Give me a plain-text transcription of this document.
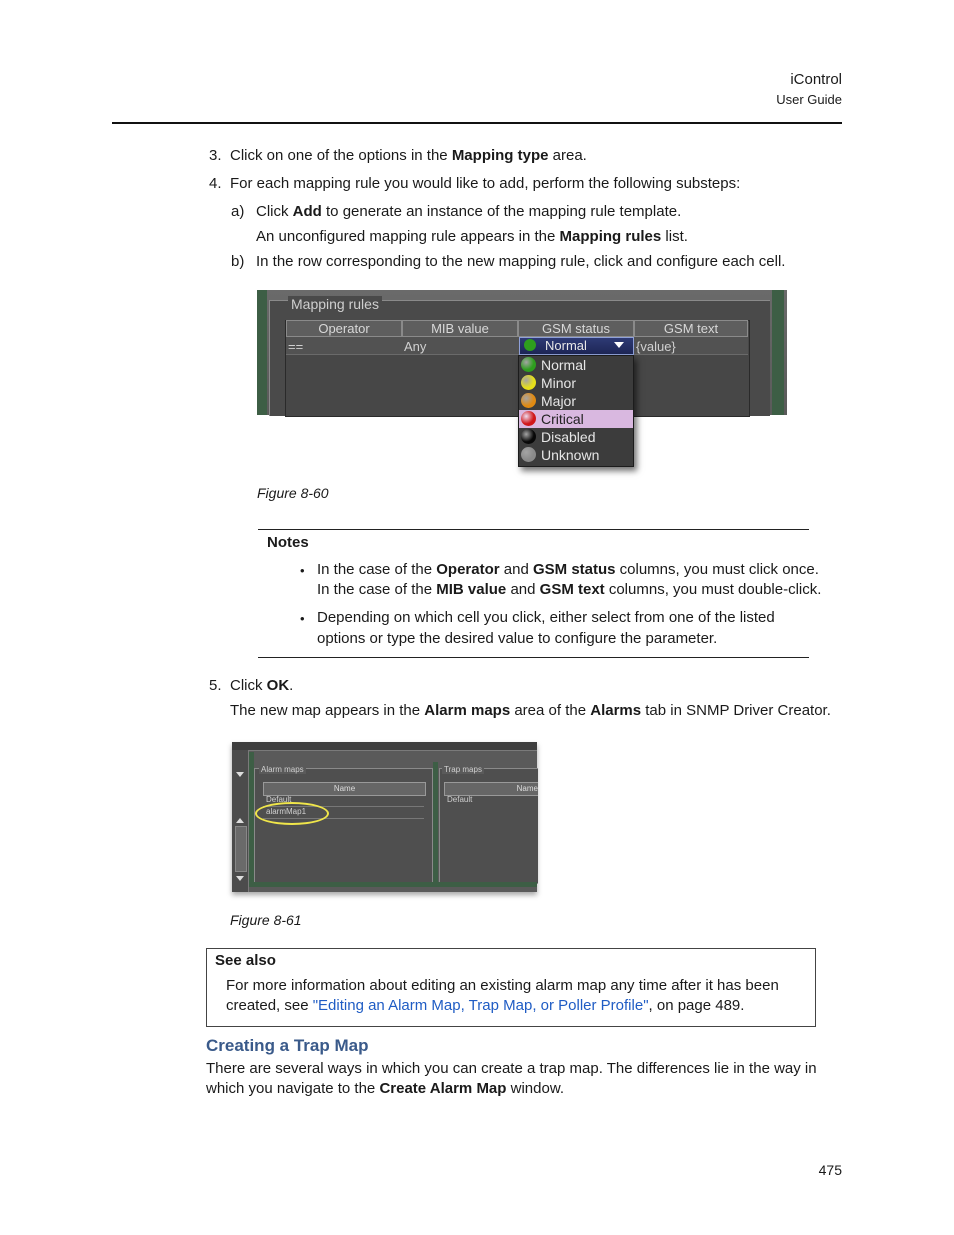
iControl
User Guide
3. Click on one of the options in the Mapping type area.
4. For each mapping rule you would like to add, perform the following substeps:
a) Click Add to generate an instance of the mapping rule template.
An unconfigured mapping rule appears in the Mapping rules list.
b) In the row corresponding to the new mapping rule, click and configure each cell.
Mapping rules
Operator	MIB value	GSM status	GSM text
==	Any	Normal	{value}
Normal
Minor
Major
Critical
Disabled
Unknown
Figure 8-60
Notes
• In the case of the Operator and GSM status columns, you must click once.
In the case of the MIB value and GSM text columns, you must double-click.
• Depending on which cell you click, either select from one of the listed
options or type the desired value to configure the parameter.
5. Click OK.
The new map appears in the Alarm maps area of the Alarms tab in SNMP Driver Creator.
Alarm maps
Name
Default
alarmMap1
Trap maps
Name
Default
Figure 8-61
See also
For more information about editing an existing alarm map any time after it has been
created, see "Editing an Alarm Map, Trap Map, or Poller Profile", on page 489.
Creating a Trap Map
There are several ways in which you can create a trap map. The differences lie in the way in
which you navigate to the Create Alarm Map window.
475
